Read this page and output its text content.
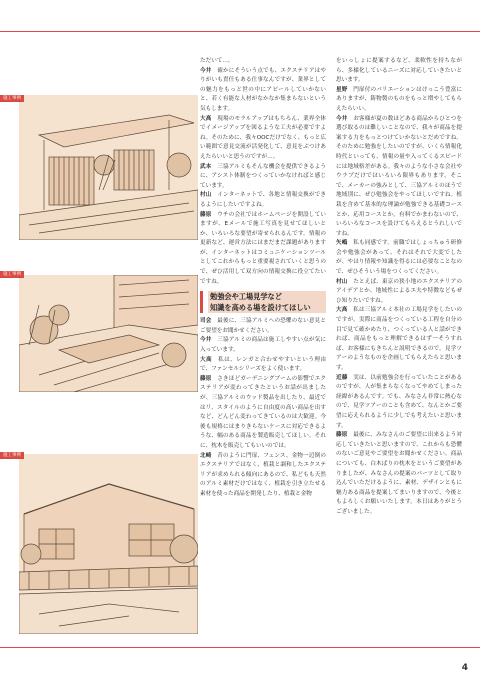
施工事例
施工事例
施工事例

ただいて…。

今井　 確かにそういう点でも、エクステリアはやりがいも責任もある仕事なんですが、業界としての魅力をもっと世の中にアピールしていかないと、若く有能な人材がなかなか集まらないという気もします。

大高　 現場のモラルアップはもちろん、業界全体でイメージアップを図るような工夫が必要ですよね。そのために、我々OOCだけでなく、もっと広い範囲で意見交流が活発化して、意見をぶつけあえたらいいと思うのですが…。

武本　 三協アルミもそんな機会を提供できるように、アシスト体制をつくっていかなければと感じています。

村山　 インターネットで、各地と情報交換ができるようにしたいですよね。

藤原　 ウチの会社ではホームページを開設していますが、Eメールで施工写真を見せてほしいとか、いろいろな要望が寄せられるんです。情報の更新など、運営方法にはまだまだ課題がありますが、インターネットはコミュニケーションツールとしてこれからもっと重要視されていくと思うので、ぜひ活用して双方向の情報交換に役立てたいですね。

勉強会や工場見学など
知識を高める場を設けてほしい

司会　 最後に、三協アルミへの恐懼のない意見とご要望をお聞かせください。

今井　 三協アルミの商品は施工しやすい点が気に入っています。

大高　 私は、レンガと合わせやすいという理由で、ファンセルシリーズをよく使います。

藤原　 さきほどガーデニングブームの影響でエクステリアが変わってきたというお話が出ましたが、三協アルミのウッド製品を出したり、最近ではリ、スタイルのように自由度の高い商品を出すなど、どんどん変わってきているのは大歓迎。今後も規格にはまりきらないケースに対応できるような、幅のある商品を製造販売してほしい。それに、枕木を販売してもいいのでは。

北崎　 昔のように門扉、フェンス、金物一辺倒のエクステリアではなく、植栽と調和したエクステリアが求められる傾向にあるので、私どもも天然のアルミ素材だけではなく、植栽を引き立たせる素材を使った商品を開発したり、植栽と金物

をいっしょに提案するなど、柔軟性を持ちながら、多様化しているニーズに対応していきたいと思います。

星野　 門扉付のバリエーションはけっこう豊富にありますが、鋳物製のものをもっと増やしてもらえたらいい。

今井　 お客様が夏の数ほどある商品からひとつを選び取るのは難しいことなので、我々が商品を提案する力をもっとつけていかないとだめですね。そのために勉強をしたいのですが、いくら情報化時代といっても、情報の量や入ってくるスピードには地域格差がある。我々のような小さな会社やウラブだけではいろいろ限界もあります。そこで、メーカーの強みとして、三協アルミのほうで地域別に、ぜひ勉強会をやってほしいですね。植栽を含めて基本的な理論が勉強できる基礎コースとか、応用コースとか。有料でかまわないので、いろいろなコースを設けてもらえるとうれしいですね。

矢嶋　 私も同感です。前職ではしょっちゅう研修会や勉強会があって、それはそれで大変でしたが、やはり情報や知識を得るには必要なことなので、ぜひそういう場をつくってください。

村山　 たとえば、東京の狭小地のエクステリアのアイデアとか、地域性によるエ夫や特徴などもぜひ知りたいですね。

大高　 私は三協アルミ本社の工場見学をしたいのですが。実際に商品をつくっている工程を自分の目で見て確かめたり、つくっている人と話ができれば、商品をもっと理解できるはず一そうすれば、お客様にもきちんと説明できるので。見学ツアーのようなものを企画してもらえたらと思います。

近藤　 実は、以前勉強会を行っていたことがあるのですが、人が集まらなくなってやめてしまった経緯があるんです。でも、みなさん非常に熱心なので、見学ツアーのことも含めて、なんとかご要望に応えられるように少しでも考えたいと思います。

藤原　 最後に、みなさんのご要望に出来るよう対応していきたいと思いますので、これからも恐懼のないご意見やご要望をお聞かせください。商品についても、白木ばりの枕木をというご要望がありましたが、みなさんの提案のパーツとして取り込んでいただけるように、素材、デザインともに魅力ある商品を提案してまいりますので、今後ともよろしくお願いいたします。本日はありがとうございました。

4
